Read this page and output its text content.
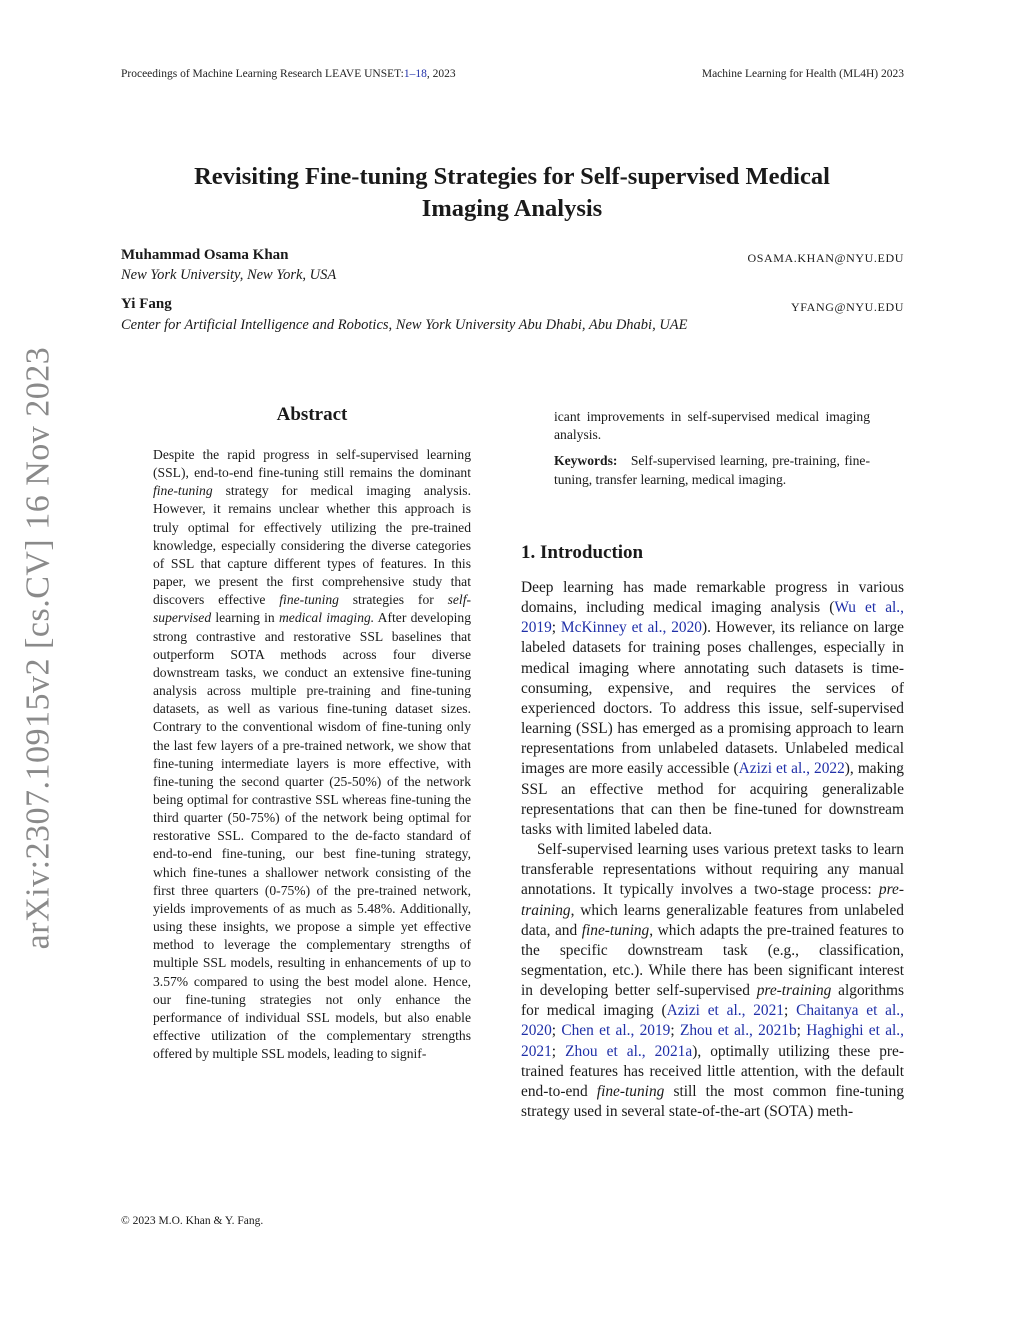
Proceedings of Machine Learning Research LEAVE UNSET:1–18, 2023	Machine Learning for Health (ML4H) 2023
Revisiting Fine-tuning Strategies for Self-supervised Medical
Imaging Analysis
Muhammad Osama Khan	OSAMA.KHAN@NYU.EDU
New York University, New York, USA
Yi Fang	YFANG@NYU.EDU
Center for Artificial Intelligence and Robotics, New York University Abu Dhabi, Abu Dhabi, UAE
arXiv:2307.10915v2 [cs.CV] 16 Nov 2023	Abstract
Despite the rapid progress in self-supervised learning (SSL), end-to-end fine-tuning still remains the dominant fine-tuning strategy for medical imaging analysis. However, it remains unclear whether this approach is truly optimal for effectively utilizing the pre-trained knowledge, especially considering the diverse categories of SSL that capture different types of features. In this paper, we present the first comprehensive study that discovers effective fine-tuning strategies for self-supervised learning in medical imaging. After developing strong contrastive and restorative SSL baselines that outperform SOTA methods across four diverse downstream tasks, we conduct an extensive fine-tuning analysis across multiple pre-training and fine-tuning datasets, as well as various fine-tuning dataset sizes. Contrary to the conventional wisdom of fine-tuning only the last few layers of a pre-trained network, we show that fine-tuning intermediate layers is more effective, with fine-tuning the second quarter (25-50%) of the network being optimal for contrastive SSL whereas fine-tuning the third quarter (50-75%) of the network being optimal for restorative SSL. Compared to the de-facto standard of end-to-end fine-tuning, our best fine-tuning strategy, which fine-tunes a shallower network consisting of the first three quarters (0-75%) of the pre-trained network, yields improvements of as much as 5.48%. Additionally, using these insights, we propose a simple yet effective method to leverage the complementary strengths of multiple SSL models, resulting in enhancements of up to 3.57% compared to using the best model alone. Hence, our fine-tuning strategies not only enhance the performance of individual SSL models, but also enable effective utilization of the complementary strengths offered by multiple SSL models, leading to signif-
icant improvements in self-supervised medical imaging analysis.
Keywords: Self-supervised learning, pre-training, fine-tuning, transfer learning, medical imaging.
1. Introduction

Deep learning has made remarkable progress in various domains, including medical imaging analysis (Wu et al., 2019; McKinney et al., 2020). However, its reliance on large labeled datasets for training poses challenges, especially in medical imaging where annotating such datasets is time-consuming, expensive, and requires the services of experienced doctors. To address this issue, self-supervised learning (SSL) has emerged as a promising approach to learn representations from unlabeled datasets. Unlabeled medical images are more easily accessible (Azizi et al., 2022), making SSL an effective method for acquiring generalizable representations that can then be fine-tuned for downstream tasks with limited labeled data.

Self-supervised learning uses various pretext tasks to learn transferable representations without requiring any manual annotations. It typically involves a two-stage process: pre-training, which learns generalizable features from unlabeled data, and fine-tuning, which adapts the pre-trained features to the specific downstream task (e.g., classification, segmentation, etc.). While there has been significant interest in developing better self-supervised pre-training algorithms for medical imaging (Azizi et al., 2021; Chaitanya et al., 2020; Chen et al., 2019; Zhou et al., 2021b; Haghighi et al., 2021; Zhou et al., 2021a), optimally utilizing these pre-trained features has received little attention, with the default end-to-end fine-tuning still the most common fine-tuning strategy used in several state-of-the-art (SOTA) meth-

© 2023 M.O. Khan & Y. Fang.
